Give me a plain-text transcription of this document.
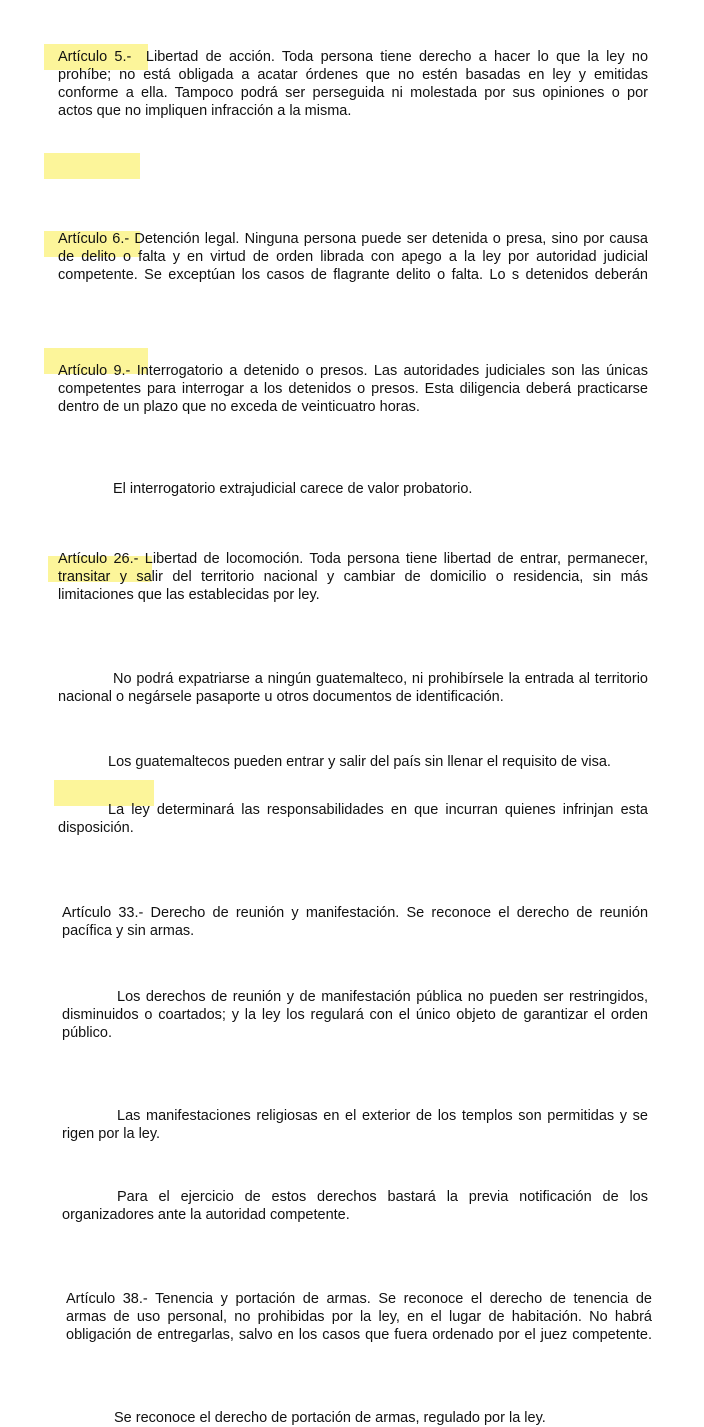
Artículo 5.- Libertad de acción. Toda persona tiene derecho a hacer lo que la ley no
prohíbe; no está obligada a acatar órdenes que no estén basadas en ley y emitidas
conforme a ella. Tampoco podrá ser perseguida ni molestada por sus opiniones o por
actos que no impliquen infracción a la misma.
Artículo 6.- Detención legal. Ninguna persona puede ser detenida o presa, sino por causa
de delito o falta y en virtud de orden librada con apego a la ley por autoridad judicial
competente. Se exceptúan los casos de flagrante delito o falta. Lo s detenidos deberán
Artículo 9.- Interrogatorio a detenido o presos. Las autoridades judiciales son las únicas
competentes para interrogar a los detenidos o presos. Esta diligencia deberá practicarse
dentro de un plazo que no exceda de veinticuatro horas.
El interrogatorio extrajudicial carece de valor probatorio.
Artículo 26.- Libertad de locomoción. Toda persona tiene libertad de entrar, permanecer,
transitar y salir del territorio nacional y cambiar de domicilio o residencia, sin más
limitaciones que las establecidas por ley.
No podrá expatriarse a ningún guatemalteco, ni prohibírsele la entrada al territorio
nacional o negársele pasaporte u otros documentos de identificación.
Los guatemaltecos pueden entrar y salir del país sin llenar el requisito de visa.
La ley determinará las responsabilidades en que incurran quienes infrinjan esta
disposición.
Artículo 33.- Derecho de reunión y manifestación. Se reconoce el derecho de reunión
pacífica y sin armas.
Los derechos de reunión y de manifestación pública no pueden ser restringidos,
disminuidos o coartados; y la ley los regulará con el único objeto de garantizar el orden
público.
Las manifestaciones religiosas en el exterior de los templos son permitidas y se
rigen por la ley.
Para el ejercicio de estos derechos bastará la previa notificación de los
organizadores ante la autoridad competente.
Artículo 38.- Tenencia y portación de armas. Se reconoce el derecho de tenencia de
armas de uso personal, no prohibidas por la ley, en el lugar de habitación. No habrá
obligación de entregarlas, salvo en los casos que fuera ordenado por el juez competente.
Se reconoce el derecho de portación de armas, regulado por la ley.
